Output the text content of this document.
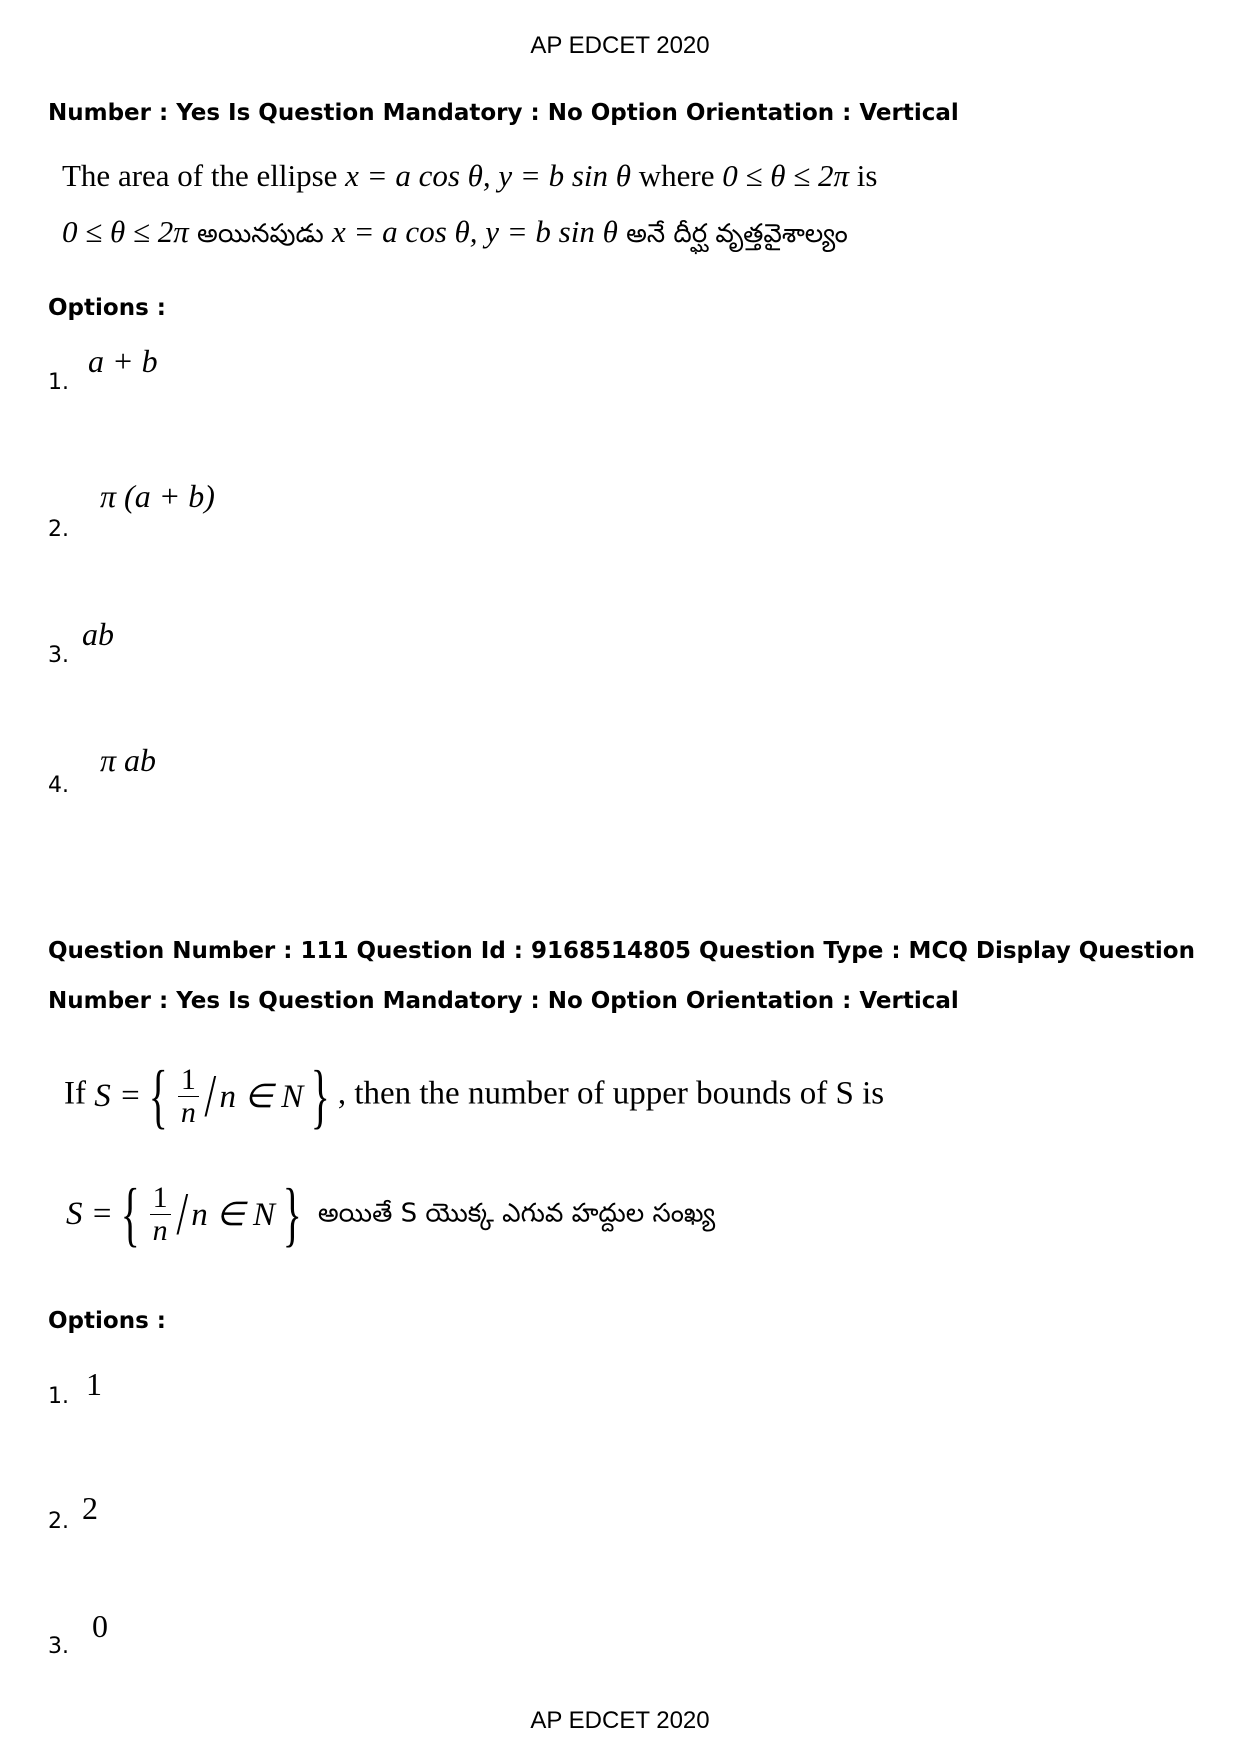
AP EDCET 2020
Number : Yes Is Question Mandatory : No Option Orientation : Vertical
The area of the ellipse x = a cos θ, y = b sin θ where 0 ≤ θ ≤ 2π is
0 ≤ θ ≤ 2π అయినపుడు x = a cos θ, y = b sin θ అనే దీర్ఘ వృత్తవైశాల్యం
Options :
1.
a + b
2.
π (a + b)
3.
ab
4.
π ab
Question Number : 111 Question Id : 9168514805 Question Type : MCQ Display Question
Number : Yes Is Question Mandatory : No Option Orientation : Vertical
If S = { $\frac{1}{n}$ / n ∈ N } , then the number of upper bounds of S is
S = { $\frac{1}{n}$ / n ∈ N } అయితే S యొక్క ఎగువ హద్దుల సంఖ్య
Options :
1. 1
2. 2
3.
0
AP EDCET 2020
